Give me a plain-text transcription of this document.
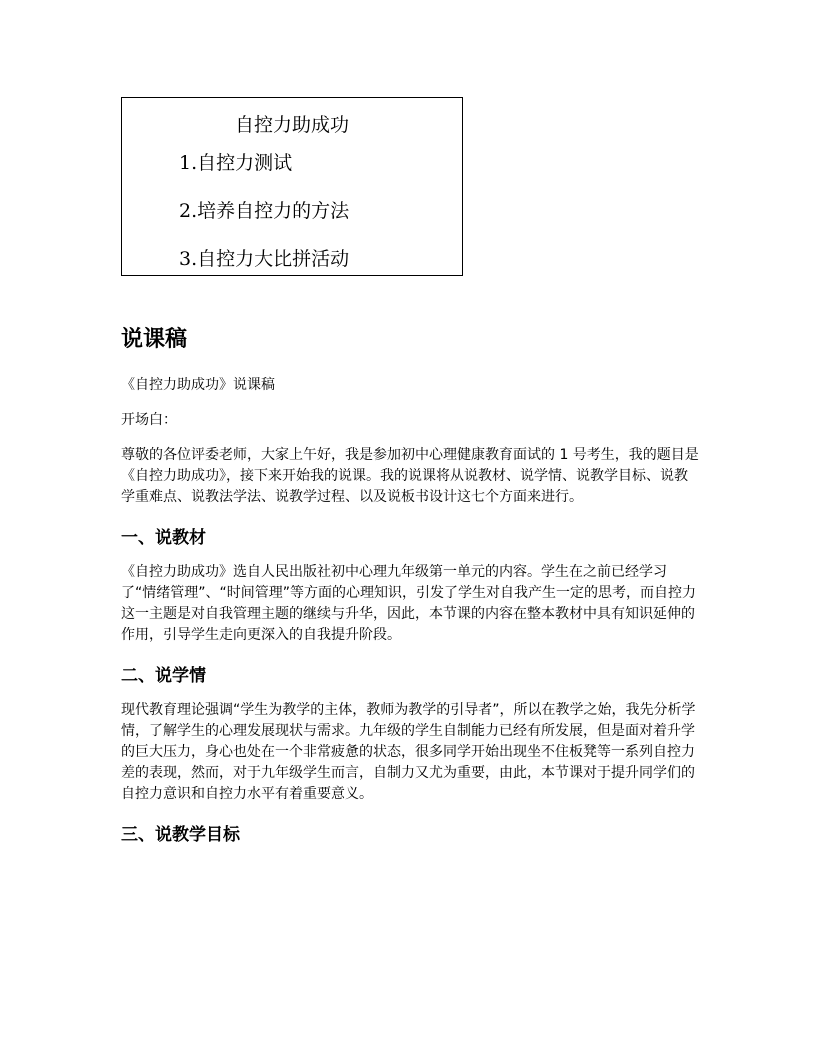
自控力助成功
1.自控力测试
2.培养自控力的方法
3.自控力大比拼活动
说课稿

《自控力助成功》说课稿

开场白：

尊敬的各位评委老师，大家上午好，我是参加初中心理健康教育面试的 1 号考生，我的题目是《自控力助成功》，接下来开始我的说课。我的说课将从说教材、说学情、说教学目标、说教学重难点、说教法学法、说教学过程、以及说板书设计这七个方面来进行。

一、说教材

《自控力助成功》选自人民出版社初中心理九年级第一单元的内容。学生在之前已经学习了“情绪管理”、“时间管理”等方面的心理知识，引发了学生对自我产生一定的思考，而自控力这一主题是对自我管理主题的继续与升华，因此，本节课的内容在整本教材中具有知识延伸的作用，引导学生走向更深入的自我提升阶段。

二、说学情

现代教育理论强调“学生为教学的主体，教师为教学的引导者”，所以在教学之始，我先分析学情，了解学生的心理发展现状与需求。九年级的学生自制能力已经有所发展，但是面对着升学的巨大压力，身心也处在一个非常疲惫的状态，很多同学开始出现坐不住板凳等一系列自控力差的表现，然而，对于九年级学生而言，自制力又尤为重要，由此，本节课对于提升同学们的自控力意识和自控力水平有着重要意义。

三、说教学目标
